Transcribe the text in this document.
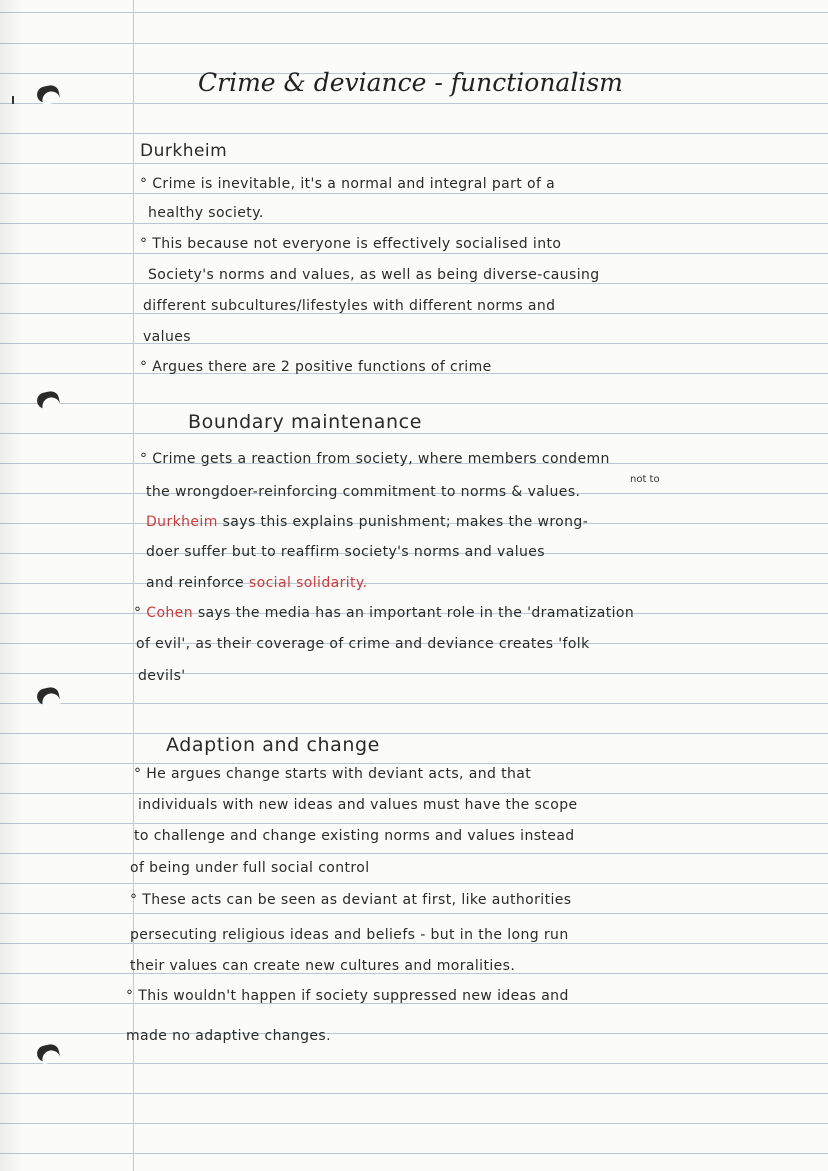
Crime & deviance - functionalism
Durkheim
° Crime is inevitable, it's a normal and integral part of a
healthy society.
° This because not everyone is effectively socialised into
Society's norms and values, as well as being diverse-causing
different subcultures/lifestyles with different norms and
values
° Argues there are 2 positive functions of crime
Boundary maintenance
° Crime gets a reaction from society, where members condemn
not to
the wrongdoer-reinforcing commitment to norms & values.
Durkheim says this explains punishment; makes the wrong-
doer suffer but to reaffirm society's norms and values
and reinforce social solidarity.
° Cohen says the media has an important role in the 'dramatization
of evil', as their coverage of crime and deviance creates 'folk
devils'
Adaption and change
° He argues change starts with deviant acts, and that
individuals with new ideas and values must have the scope
to challenge and change existing norms and values instead
of being under full social control
° These acts can be seen as deviant at first, like authorities
persecuting religious ideas and beliefs - but in the long run
their values can create new cultures and moralities.
° This wouldn't happen if society suppressed new ideas and
made no adaptive changes.
